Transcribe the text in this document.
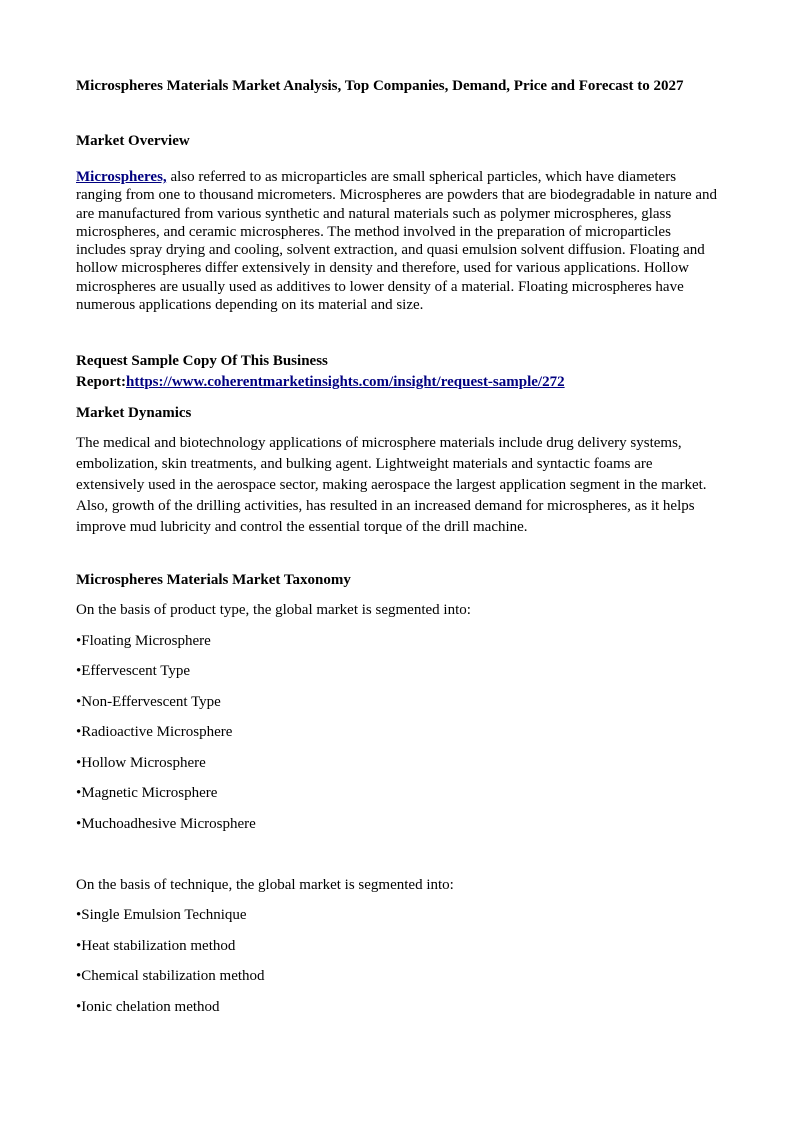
Microspheres Materials Market Analysis, Top Companies, Demand, Price and Forecast to 2027
Market Overview

Microspheres, also referred to as microparticles are small spherical particles, which have diameters ranging from one to thousand micrometers. Microspheres are powders that are biodegradable in nature and are manufactured from various synthetic and natural materials such as polymer microspheres, glass microspheres, and ceramic microspheres. The method involved in the preparation of microparticles includes spray drying and cooling, solvent extraction, and quasi emulsion solvent diffusion. Floating and hollow microspheres differ extensively in density and therefore, used for various applications. Hollow microspheres are usually used as additives to lower density of a material. Floating microspheres have numerous applications depending on its material and size.

Request Sample Copy Of This Business

Report:https://www.coherentmarketinsights.com/insight/request-sample/272

Market Dynamics

The medical and biotechnology applications of microsphere materials include drug delivery systems, embolization, skin treatments, and bulking agent. Lightweight materials and syntactic foams are extensively used in the aerospace sector, making aerospace the largest application segment in the market. Also, growth of the drilling activities, has resulted in an increased demand for microspheres, as it helps improve mud lubricity and control the essential torque of the drill machine.

Microspheres Materials Market Taxonomy

On the basis of product type, the global market is segmented into:

•Floating Microsphere

•Effervescent Type

•Non-Effervescent Type

•Radioactive Microsphere

•Hollow Microsphere

•Magnetic Microsphere

•Muchoadhesive Microsphere

On the basis of technique, the global market is segmented into:

•Single Emulsion Technique

•Heat stabilization method

•Chemical stabilization method

•Ionic chelation method
